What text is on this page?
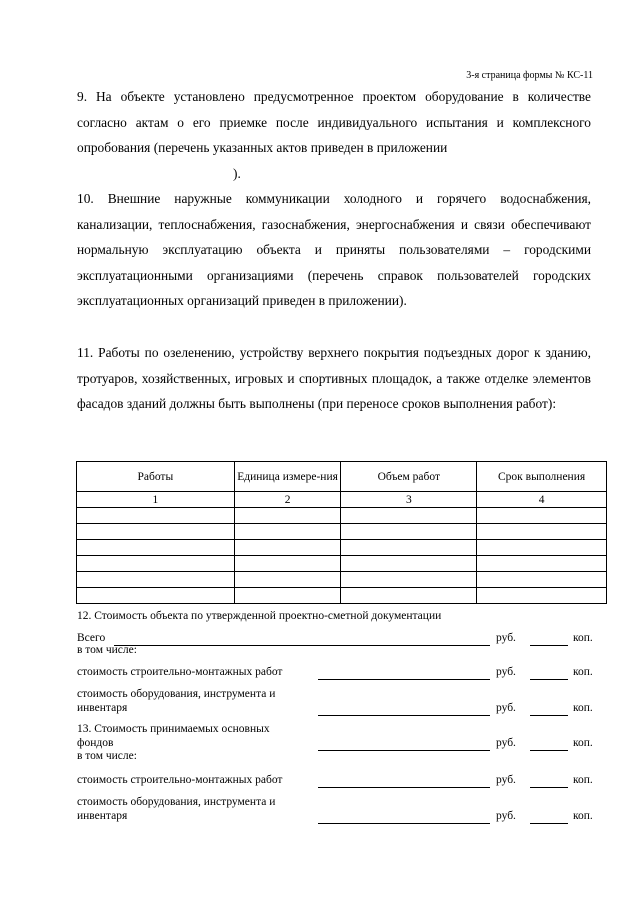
3-я страница формы № КС-11

9. На объекте установлено предусмотренное проектом оборудование в количестве согласно актам о его приемке после индивидуального испытания и комплексного опробования (перечень указанных актов приведен в приложении

).

10. Внешние наружные коммуникации холодного и горячего водоснабжения, канализации, теплоснабжения, газоснабжения, энергоснабжения и связи обеспечивают нормальную эксплуатацию объекта и приняты пользователями – городскими эксплуатационными организациями (перечень справок пользователей городских эксплуатационных организаций приведен в приложении).

11. Работы по озеленению, устройству верхнего покрытия подъездных дорог к зданию, тротуаров, хозяйственных, игровых и спортивных площадок, а также отделке элементов фасадов зданий должны быть выполнены (при переносе сроков выполнения работ):

Работы	Единица измере-ния	Объем работ	Срок выполнения
1	2	3	4

12. Стоимость объекта по утвержденной проектно-сметной документации
Всего	руб.	коп.
в том числе:
стоимость строительно-монтажных работ	руб.	коп.
стоимость оборудования, инструмента и
инвентаря	руб.	коп.
13. Стоимость принимаемых основных
фондов	руб.	коп.
в том числе:
стоимость строительно-монтажных работ	руб.	коп.
стоимость оборудования, инструмента и
инвентаря	руб.	коп.
